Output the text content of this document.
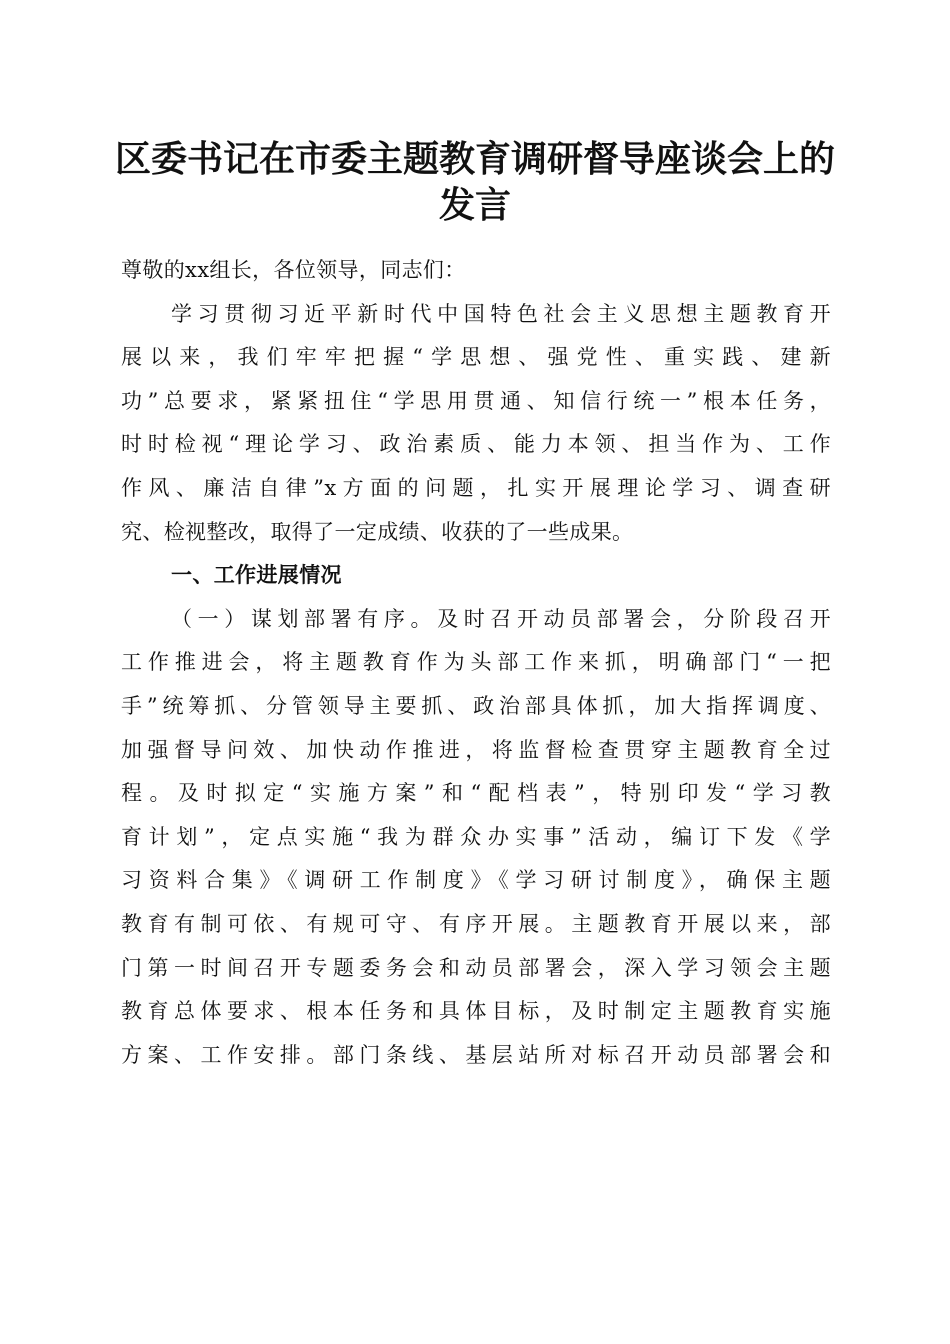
区委书记在市委主题教育调研督导座谈会上的
发言
尊敬的xx组长，各位领导，同志们：
学习贯彻习近平新时代中国特色社会主义思想主题教育开
展以来，我们牢牢把握“学思想、强党性、重实践、建新
功”总要求，紧紧扭住“学思用贯通、知信行统一”根本任务，
时时检视“理论学习、政治素质、能力本领、担当作为、工作
作风、廉洁自律”x方面的问题，扎实开展理论学习、调查研
究、检视整改，取得了一定成绩、收获的了一些成果。
一、工作进展情况
（一）谋划部署有序。及时召开动员部署会，分阶段召开
工作推进会，将主题教育作为头部工作来抓，明确部门“一把
手”统筹抓、分管领导主要抓、政治部具体抓，加大指挥调度、
加强督导问效、加快动作推进，将监督检查贯穿主题教育全过
程。及时拟定“实施方案”和“配档表”，特别印发“学习教
育计划”，定点实施“我为群众办实事”活动，编订下发《学
习资料合集》《调研工作制度》《学习研讨制度》，确保主题
教育有制可依、有规可守、有序开展。主题教育开展以来，部
门第一时间召开专题委务会和动员部署会，深入学习领会主题
教育总体要求、根本任务和具体目标，及时制定主题教育实施
方案、工作安排。部门条线、基层站所对标召开动员部署会和
